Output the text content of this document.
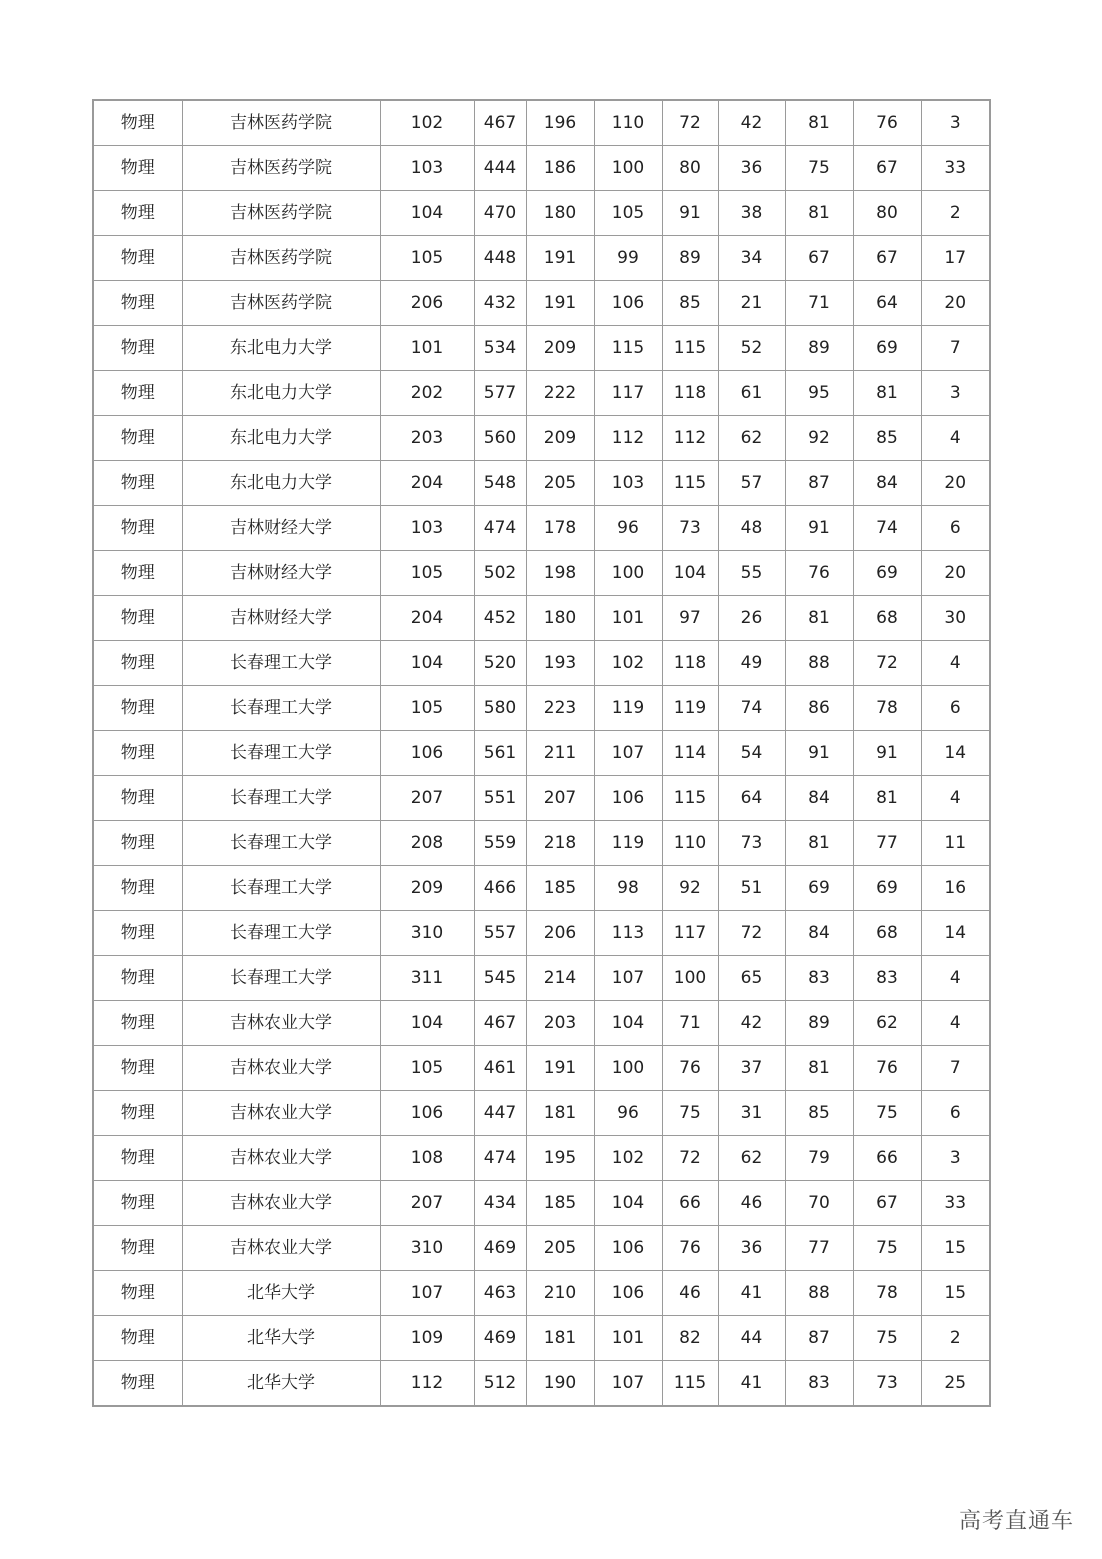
物理	吉林医药学院	102	467	196	110	72	42	81	76	3
物理	吉林医药学院	103	444	186	100	80	36	75	67	33
物理	吉林医药学院	104	470	180	105	91	38	81	80	2
物理	吉林医药学院	105	448	191	99	89	34	67	67	17
物理	吉林医药学院	206	432	191	106	85	21	71	64	20
物理	东北电力大学	101	534	209	115	115	52	89	69	7
物理	东北电力大学	202	577	222	117	118	61	95	81	3
物理	东北电力大学	203	560	209	112	112	62	92	85	4
物理	东北电力大学	204	548	205	103	115	57	87	84	20
物理	吉林财经大学	103	474	178	96	73	48	91	74	6
物理	吉林财经大学	105	502	198	100	104	55	76	69	20
物理	吉林财经大学	204	452	180	101	97	26	81	68	30
物理	长春理工大学	104	520	193	102	118	49	88	72	4
物理	长春理工大学	105	580	223	119	119	74	86	78	6
物理	长春理工大学	106	561	211	107	114	54	91	91	14
物理	长春理工大学	207	551	207	106	115	64	84	81	4
物理	长春理工大学	208	559	218	119	110	73	81	77	11
物理	长春理工大学	209	466	185	98	92	51	69	69	16
物理	长春理工大学	310	557	206	113	117	72	84	68	14
物理	长春理工大学	311	545	214	107	100	65	83	83	4
物理	吉林农业大学	104	467	203	104	71	42	89	62	4
物理	吉林农业大学	105	461	191	100	76	37	81	76	7
物理	吉林农业大学	106	447	181	96	75	31	85	75	6
物理	吉林农业大学	108	474	195	102	72	62	79	66	3
物理	吉林农业大学	207	434	185	104	66	46	70	67	33
物理	吉林农业大学	310	469	205	106	76	36	77	75	15
物理	北华大学	107	463	210	106	46	41	88	78	15
物理	北华大学	109	469	181	101	82	44	87	75	2
物理	北华大学	112	512	190	107	115	41	83	73	25
高考直通车
